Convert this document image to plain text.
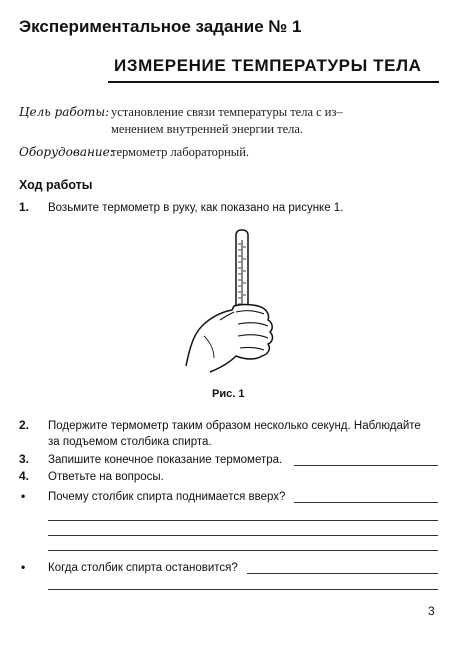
Экспериментальное задание № 1
ИЗМЕРЕНИЕ ТЕМПЕРАТУРЫ ТЕЛА
Цель работы: установление связи температуры тела с из–
менением внутренней энергии тела.
Оборудование:
термометр лабораторный.
Ход работы
1. Возьмите термометр в руку, как показано на рисунке 1.
Рис. 1
2. Подержите термометр таким образом несколько секунд. Наблюдайте
за подъемом столбика спирта.
3. Запишите конечное показание термометра.
4. Ответьте на вопросы.
• Почему столбик спирта поднимается вверх?
• Когда столбик спирта остановится?
3
